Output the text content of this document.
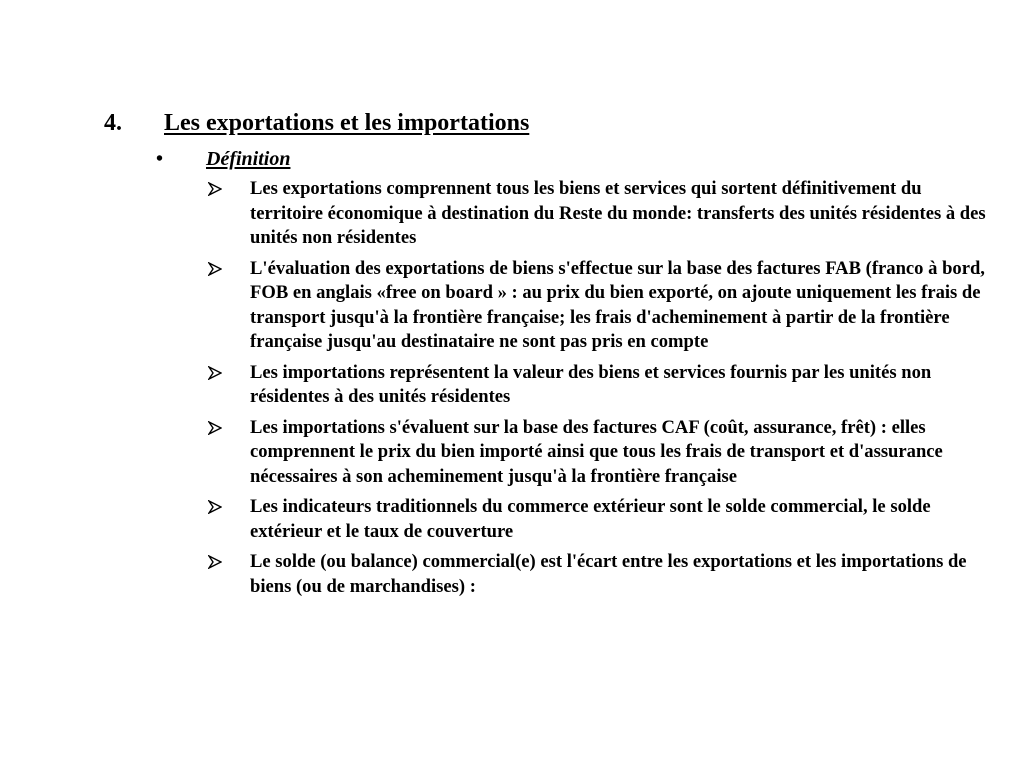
4. Les exportations et les importations
• Définition
Les exportations comprennent tous les biens et services qui sortent définitivement du territoire économique à destination du Reste du monde: transferts des unités résidentes à des unités non résidentes
L'évaluation des exportations de biens s'effectue sur la base des factures FAB (franco à bord, FOB en anglais «free on board » : au prix du bien exporté, on ajoute uniquement les frais de transport jusqu'à la frontière française; les frais d'acheminement à partir de la frontière française jusqu'au destinataire ne sont pas pris en compte
Les importations représentent la valeur des biens et services fournis par les unités non résidentes à des unités résidentes
Les importations s'évaluent sur la base des factures CAF (coût, assurance, frêt) : elles comprennent le prix du bien importé ainsi que tous les frais de transport et d'assurance nécessaires à son acheminement jusqu'à la frontière française
Les indicateurs traditionnels du commerce extérieur sont le solde commercial, le solde extérieur et le taux de couverture
Le solde (ou balance) commercial(e) est l'écart entre les exportations et les importations de biens (ou de marchandises) :
